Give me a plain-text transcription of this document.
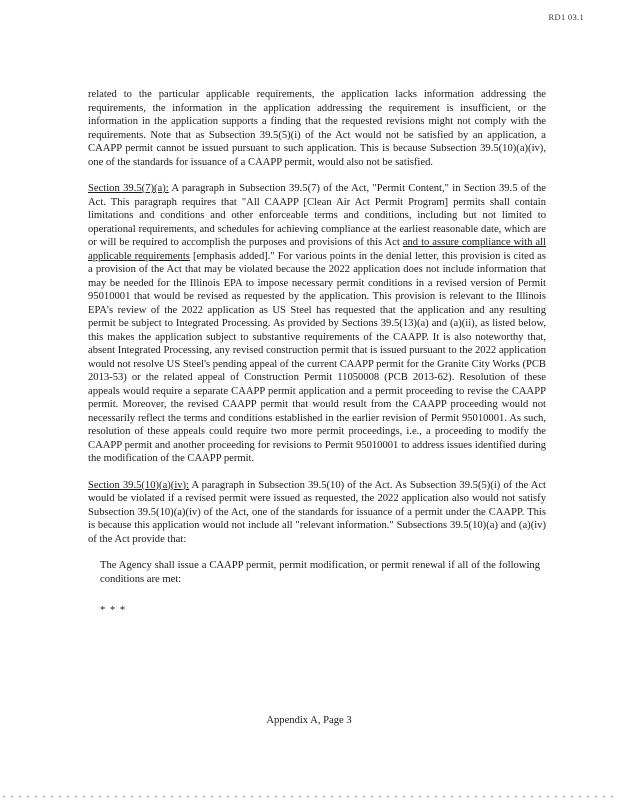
RD1 03.1

related to the particular applicable requirements, the application lacks information addressing the requirements, the information in the application addressing the requirement is insufficient, or the information in the application supports a finding that the requested revisions might not comply with the requirements. Note that as Subsection 39.5(5)(i) of the Act would not be satisfied by an application, a CAAPP permit cannot be issued pursuant to such application. This is because Subsection 39.5(10)(a)(iv), one of the standards for issuance of a CAAPP permit, would also not be satisfied.

Section 39.5(7)(a): A paragraph in Subsection 39.5(7) of the Act, "Permit Content," in Section 39.5 of the Act. This paragraph requires that "All CAAPP [Clean Air Act Permit Program] permits shall contain limitations and conditions and other enforceable terms and conditions, including but not limited to operational requirements, and schedules for achieving compliance at the earliest reasonable date, which are or will be required to accomplish the purposes and provisions of this Act and to assure compliance with all applicable requirements [emphasis added]." For various points in the denial letter, this provision is cited as a provision of the Act that may be violated because the 2022 application does not include information that may be needed for the Illinois EPA to impose necessary permit conditions in a revised version of Permit 95010001 that would be revised as requested by the application. This provision is relevant to the Illinois EPA's review of the 2022 application as US Steel has requested that the application and any resulting permit be subject to Integrated Processing. As provided by Sections 39.5(13)(a) and (a)(ii), as listed below, this makes the application subject to substantive requirements of the CAAPP. It is also noteworthy that, absent Integrated Processing, any revised construction permit that is issued pursuant to the 2022 application would not resolve US Steel's pending appeal of the current CAAPP permit for the Granite City Works (PCB 2013-53) or the related appeal of Construction Permit 11050008 (PCB 2013-62). Resolution of these appeals would require a separate CAAPP permit application and a permit proceeding to revise the CAAPP permit. Moreover, the revised CAAPP permit that would result from the CAAPP proceeding would not necessarily reflect the terms and conditions established in the earlier revision of Permit 95010001. As such, resolution of these appeals could require two more permit proceedings, i.e., a proceeding to modify the CAAPP permit and another proceeding for revisions to Permit 95010001 to address issues identified during the modification of the CAAPP permit.

Section 39.5(10)(a)(iv): A paragraph in Subsection 39.5(10) of the Act. As Subsection 39.5(5)(i) of the Act would be violated if a revised permit were issued as requested, the 2022 application also would not satisfy Subsection 39.5(10)(a)(iv) of the Act, one of the standards for issuance of a permit under the CAAPP. This is because this application would not include all "relevant information." Subsections 39.5(10)(a) and (a)(iv) of the Act provide that:

The Agency shall issue a CAAPP permit, permit modification, or permit renewal if all of the following conditions are met:

* * *

Appendix A, Page 3
